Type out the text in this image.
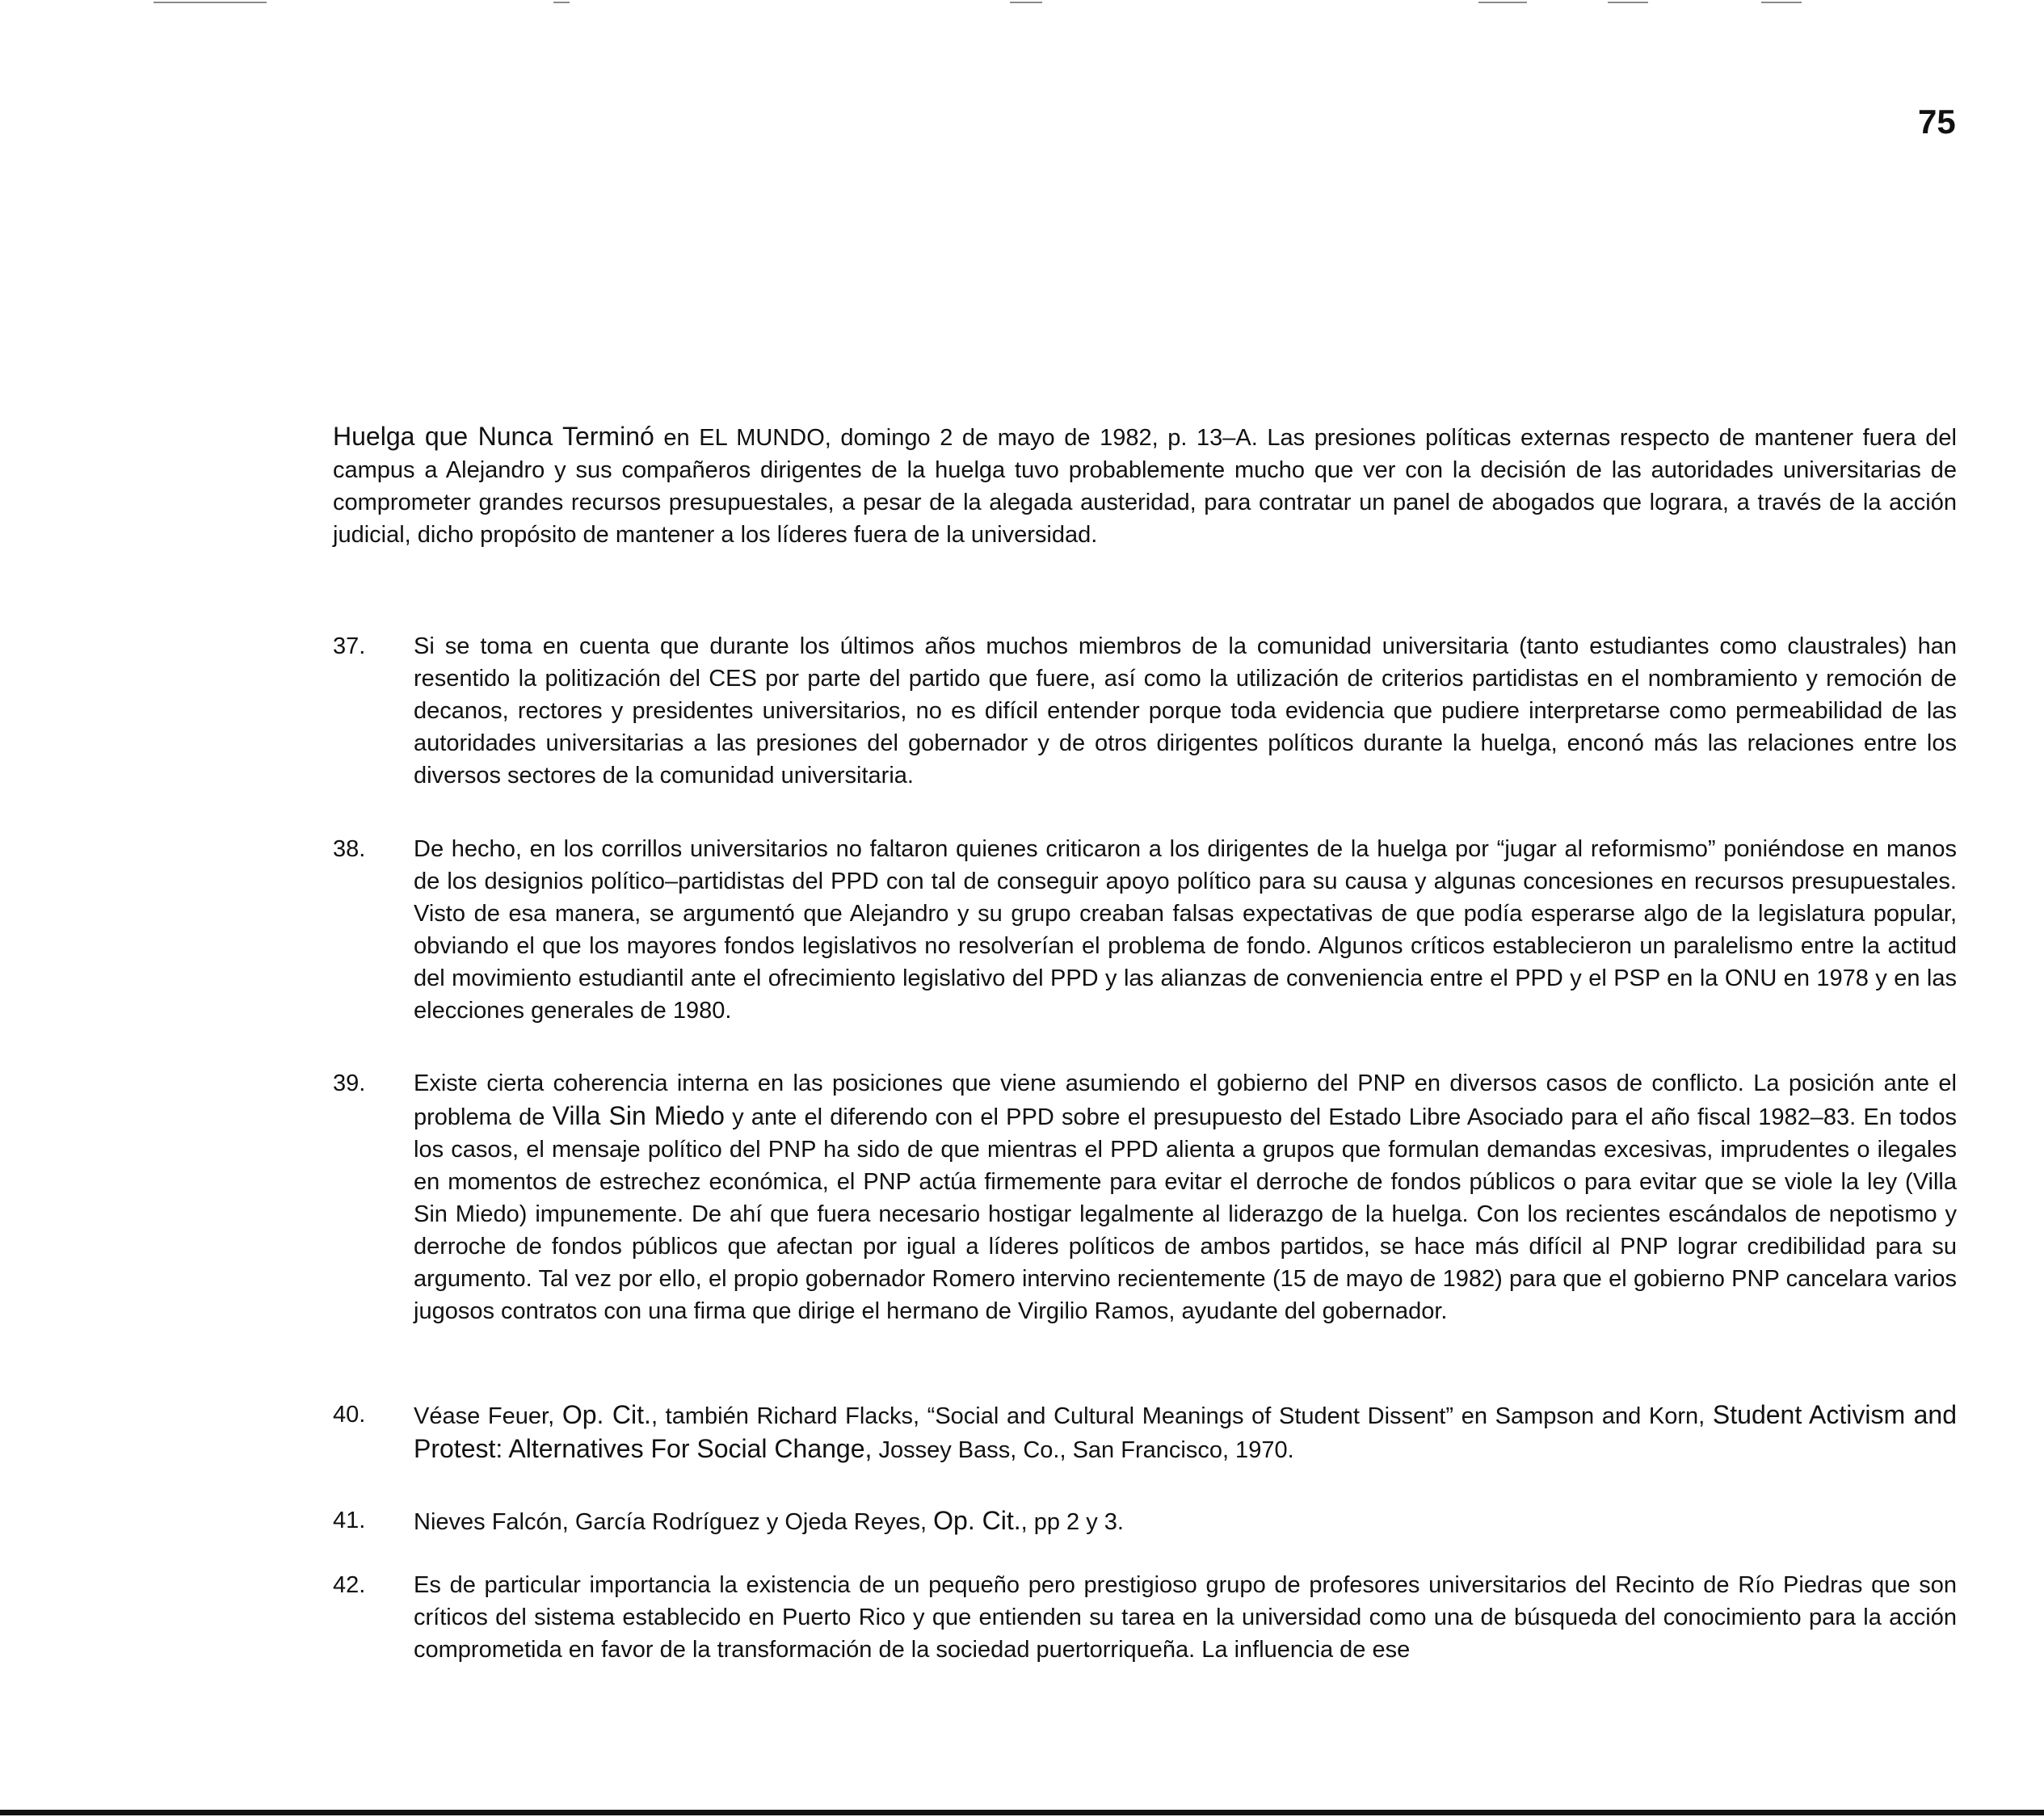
75
Huelga que Nunca Terminó en EL MUNDO, domingo 2 de mayo de 1982, p. 13–A. Las presiones políticas externas respecto de mantener fuera del campus a Alejandro y sus compañeros dirigentes de la huelga tuvo probablemente mucho que ver con la decisión de las autoridades universitarias de comprometer grandes recursos presupuestales, a pesar de la alegada austeridad, para contratar un panel de abogados que lograra, a través de la acción judicial, dicho propósito de mantener a los líderes fuera de la universidad.
37.	Si se toma en cuenta que durante los últimos años muchos miembros de la comunidad universitaria (tanto estudiantes como claustrales) han resentido la politización del CES por parte del partido que fuere, así como la utilización de criterios partidistas en el nombramiento y remoción de decanos, rectores y presidentes universitarios, no es difícil entender porque toda evidencia que pudiere interpretarse como permeabilidad de las autoridades universitarias a las presiones del gobernador y de otros dirigentes políticos durante la huelga, enconó más las relaciones entre los diversos sectores de la comunidad universitaria.
38.	De hecho, en los corrillos universitarios no faltaron quienes criticaron a los dirigentes de la huelga por “jugar al reformismo” poniéndose en manos de los designios político–partidistas del PPD con tal de conseguir apoyo político para su causa y algunas concesiones en recursos presupuestales. Visto de esa manera, se argumentó que Alejandro y su grupo creaban falsas expectativas de que podía esperarse algo de la legislatura popular, obviando el que los mayores fondos legislativos no resolverían el problema de fondo. Algunos críticos establecieron un paralelismo entre la actitud del movimiento estudiantil ante el ofrecimiento legislativo del PPD y las alianzas de conveniencia entre el PPD y el PSP en la ONU en 1978 y en las elecciones generales de 1980.
39.	Existe cierta coherencia interna en las posiciones que viene asumiendo el gobierno del PNP en diversos casos de conflicto. La posición ante el problema de Villa Sin Miedo y ante el diferendo con el PPD sobre el presupuesto del Estado Libre Asociado para el año fiscal 1982–83. En todos los casos, el mensaje político del PNP ha sido de que mientras el PPD alienta a grupos que formulan demandas excesivas, imprudentes o ilegales en momentos de estrechez económica, el PNP actúa firmemente para evitar el derroche de fondos públicos o para evitar que se viole la ley (Villa Sin Miedo) impunemente. De ahí que fuera necesario hostigar legalmente al liderazgo de la huelga. Con los recientes escándalos de nepotismo y derroche de fondos públicos que afectan por igual a líderes políticos de ambos partidos, se hace más difícil al PNP lograr credibilidad para su argumento. Tal vez por ello, el propio gobernador Romero intervino recientemente (15 de mayo de 1982) para que el gobierno PNP cancelara varios jugosos contratos con una firma que dirige el hermano de Virgilio Ramos, ayudante del gobernador.
40.	Véase Feuer, Op. Cit., también Richard Flacks, “Social and Cultural Meanings of Student Dissent” en Sampson and Korn, Student Activism and Protest: Alternatives For Social Change, Jossey Bass, Co., San Francisco, 1970.
41.	Nieves Falcón, García Rodríguez y Ojeda Reyes, Op. Cit., pp 2 y 3.
42.	Es de particular importancia la existencia de un pequeño pero prestigioso grupo de profesores universitarios del Recinto de Río Piedras que son críticos del sistema establecido en Puerto Rico y que entienden su tarea en la universidad como una de búsqueda del conocimiento para la acción comprometida en favor de la transformación de la sociedad puertorriqueña. La influencia de ese
